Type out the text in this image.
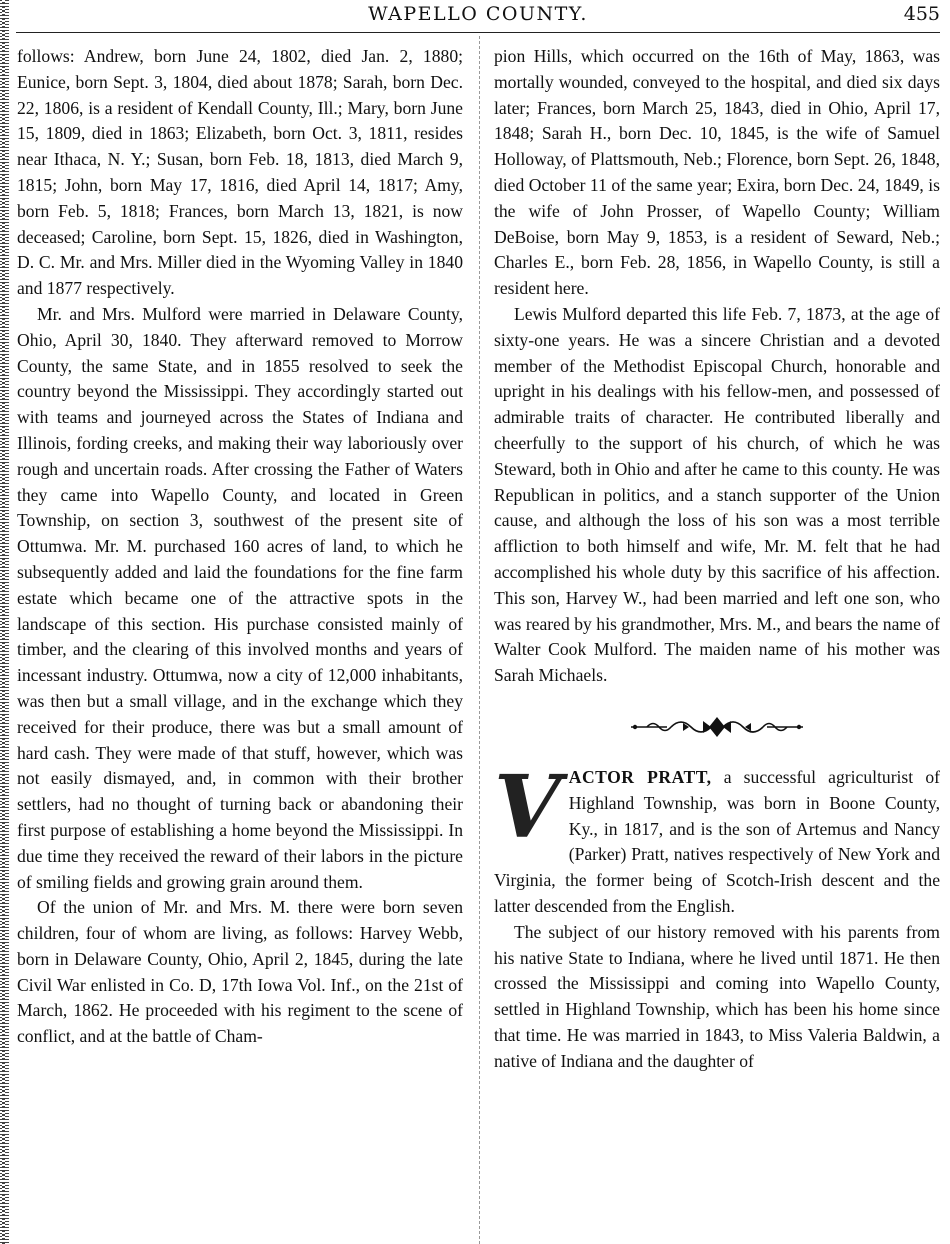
WAPELLO COUNTY.	455

follows: Andrew, born June 24, 1802, died Jan. 2, 1880; Eunice, born Sept. 3, 1804, died about 1878; Sarah, born Dec. 22, 1806, is a resident of Kendall County, Ill.; Mary, born June 15, 1809, died in 1863; Elizabeth, born Oct. 3, 1811, resides near Ithaca, N. Y.; Susan, born Feb. 18, 1813, died March 9, 1815; John, born May 17, 1816, died April 14, 1817; Amy, born Feb. 5, 1818; Frances, born March 13, 1821, is now deceased; Caroline, born Sept. 15, 1826, died in Washington, D. C. Mr. and Mrs. Miller died in the Wyoming Valley in 1840 and 1877 respectively.

Mr. and Mrs. Mulford were married in Delaware County, Ohio, April 30, 1840. They afterward removed to Morrow County, the same State, and in 1855 resolved to seek the country beyond the Mississippi. They accordingly started out with teams and journeyed across the States of Indiana and Illinois, fording creeks, and making their way laboriously over rough and uncertain roads. After crossing the Father of Waters they came into Wapello County, and located in Green Township, on section 3, southwest of the present site of Ottumwa. Mr. M. purchased 160 acres of land, to which he subsequently added and laid the foundations for the fine farm estate which became one of the attractive spots in the landscape of this section. His purchase consisted mainly of timber, and the clearing of this involved months and years of incessant industry. Ottumwa, now a city of 12,000 inhabitants, was then but a small village, and in the exchange which they received for their produce, there was but a small amount of hard cash. They were made of that stuff, however, which was not easily dismayed, and, in common with their brother settlers, had no thought of turning back or abandoning their first purpose of establishing a home beyond the Mississippi. In due time they received the reward of their labors in the picture of smiling fields and growing grain around them.

Of the union of Mr. and Mrs. M. there were born seven children, four of whom are living, as follows: Harvey Webb, born in Delaware County, Ohio, April 2, 1845, during the late Civil War enlisted in Co. D, 17th Iowa Vol. Inf., on the 21st of March, 1862. He proceeded with his regiment to the scene of conflict, and at the battle of Cham-

pion Hills, which occurred on the 16th of May, 1863, was mortally wounded, conveyed to the hospital, and died six days later; Frances, born March 25, 1843, died in Ohio, April 17, 1848; Sarah H., born Dec. 10, 1845, is the wife of Samuel Holloway, of Plattsmouth, Neb.; Florence, born Sept. 26, 1848, died October 11 of the same year; Exira, born Dec. 24, 1849, is the wife of John Prosser, of Wapello County; William DeBoise, born May 9, 1853, is a resident of Seward, Neb.; Charles E., born Feb. 28, 1856, in Wapello County, is still a resident here.

Lewis Mulford departed this life Feb. 7, 1873, at the age of sixty-one years. He was a sincere Christian and a devoted member of the Methodist Episcopal Church, honorable and upright in his dealings with his fellow-men, and possessed of admirable traits of character. He contributed liberally and cheerfully to the support of his church, of which he was Steward, both in Ohio and after he came to this county. He was Republican in politics, and a stanch supporter of the Union cause, and although the loss of his son was a most terrible affliction to both himself and wife, Mr. M. felt that he had accomplished his whole duty by this sacrifice of his affection. This son, Harvey W., had been married and left one son, who was reared by his grandmother, Mrs. M., and bears the name of Walter Cook Mulford. The maiden name of his mother was Sarah Michaels.

VACTOR PRATT, a successful agriculturist of Highland Township, was born in Boone County, Ky., in 1817, and is the son of Artemus and Nancy (Parker) Pratt, natives respectively of New York and Virginia, the former being of Scotch-Irish descent and the latter descended from the English.

The subject of our history removed with his parents from his native State to Indiana, where he lived until 1871. He then crossed the Mississippi and coming into Wapello County, settled in Highland Township, which has been his home since that time. He was married in 1843, to Miss Valeria Baldwin, a native of Indiana and the daughter of
